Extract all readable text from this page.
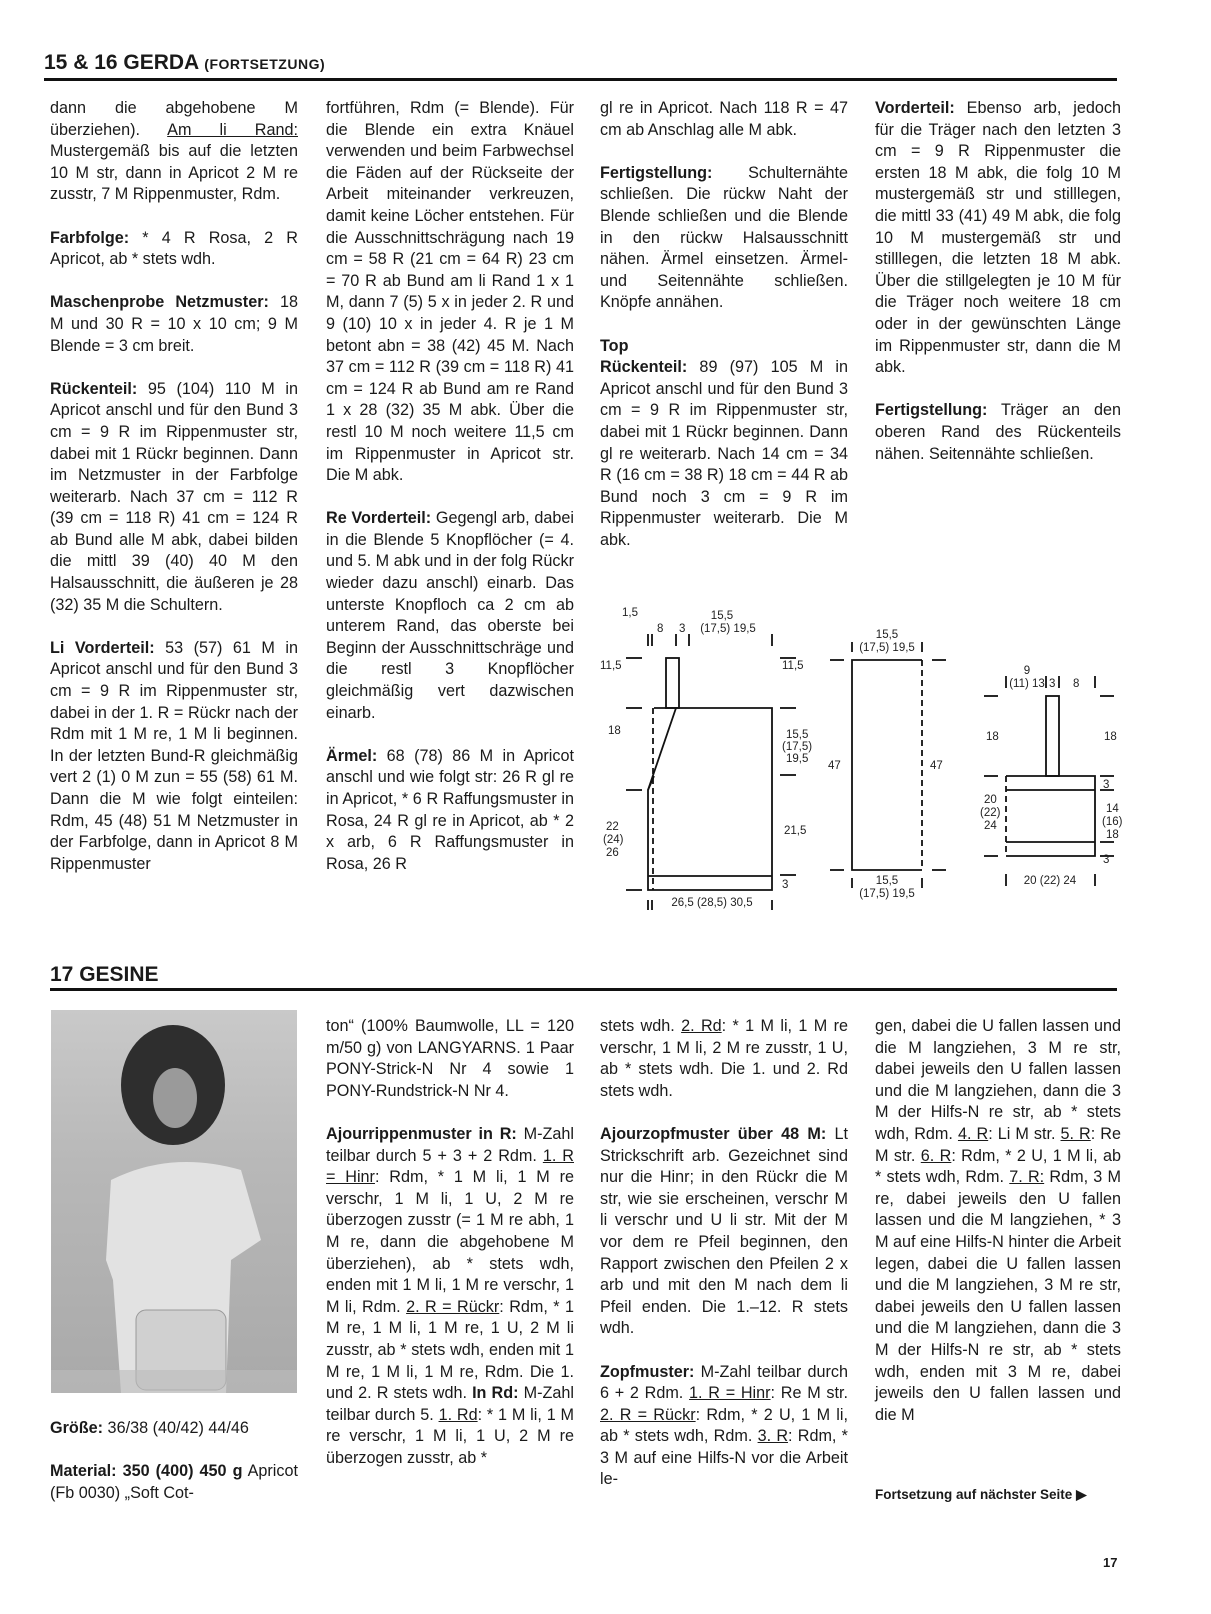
15 & 16 GERDA (FORTSETZUNG)

dann die abgehobene M überziehen). Am li Rand: Mustergemäß bis auf die letzten 10 M str, dann in Apricot 2 M re zusstr, 7 M Rippenmuster, Rdm.

Farbfolge: * 4 R Rosa, 2 R Apricot, ab * stets wdh.

Maschenprobe Netzmuster: 18 M und 30 R = 10 x 10 cm; 9 M Blende = 3 cm breit.

Rückenteil: 95 (104) 110 M in Apricot anschl und für den Bund 3 cm = 9 R im Rippenmuster str, dabei mit 1 Rückr beginnen. Dann im Netzmuster in der Farbfolge weiterarb. Nach 37 cm = 112 R (39 cm = 118 R) 41 cm = 124 R ab Bund alle M abk, dabei bilden die mittl 39 (40) 40 M den Halsausschnitt, die äußeren je 28 (32) 35 M die Schultern.

Li Vorderteil: 53 (57) 61 M in Apricot anschl und für den Bund 3 cm = 9 R im Rippenmuster str, dabei in der 1. R = Rückr nach der Rdm mit 1 M re, 1 M li beginnen. In der letzten Bund-R gleichmäßig vert 2 (1) 0 M zun = 55 (58) 61 M. Dann die M wie folgt einteilen: Rdm, 45 (48) 51 M Netzmuster in der Farbfolge, dann in Apricot 8 M Rippenmuster

fortführen, Rdm (= Blende). Für die Blende ein extra Knäuel verwenden und beim Farbwechsel die Fäden auf der Rückseite der Arbeit miteinander verkreuzen, damit keine Löcher entstehen. Für die Ausschnittschrägung nach 19 cm = 58 R (21 cm = 64 R) 23 cm = 70 R ab Bund am li Rand 1 x 1 M, dann 7 (5) 5 x in jeder 2. R und 9 (10) 10 x in jeder 4. R je 1 M betont abn = 38 (42) 45 M. Nach 37 cm = 112 R (39 cm = 118 R) 41 cm = 124 R ab Bund am re Rand 1 x 28 (32) 35 M abk. Über die restl 10 M noch weitere 11,5 cm im Rippenmuster in Apricot str. Die M abk.

Re Vorderteil: Gegengl arb, dabei in die Blende 5 Knopflöcher (= 4. und 5. M abk und in der folg Rückr wieder dazu anschl) einarb. Das unterste Knopfloch ca 2 cm ab unterem Rand, das oberste bei Beginn der Ausschnittschräge und die restl 3 Knopflöcher gleichmäßig vert dazwischen einarb.

Ärmel: 68 (78) 86 M in Apricot anschl und wie folgt str: 26 R gl re in Apricot, * 6 R Raffungsmuster in Rosa, 24 R gl re in Apricot, ab * 2 x arb, 6 R Raffungsmuster in Rosa, 26 R

gl re in Apricot. Nach 118 R = 47 cm ab Anschlag alle M abk.

Fertigstellung: Schulternähte schließen. Die rückw Naht der Blende schließen und die Blende in den rückw Halsausschnitt nähen. Ärmel einsetzen. Ärmel- und Seitennähte schließen. Knöpfe annähen.

Top
Rückenteil: 89 (97) 105 M in Apricot anschl und für den Bund 3 cm = 9 R im Rippenmuster str, dabei mit 1 Rückr beginnen. Dann gl re weiterarb. Nach 14 cm = 34 R (16 cm = 38 R) 18 cm = 44 R ab Bund noch 3 cm = 9 R im Rippenmuster weiterarb. Die M abk.

Vorderteil: Ebenso arb, jedoch für die Träger nach den letzten 3 cm = 9 R Rippenmuster die ersten 18 M abk, die folg 10 M mustergemäß str und stilllegen, die mittl 33 (41) 49 M abk, die folg 10 M mustergemäß str und stilllegen, die letzten 18 M abk. Über die stillgelegten je 10 M für die Träger noch weitere 18 cm oder in der gewünschten Länge im Rippenmuster str, dann die M abk.

Fertigstellung: Träger an den oberen Rand des Rückenteils nähen. Seitennähte schließen.

1,5
8 3
15,5
(17,5) 19,5
11,5
18
22
(24)
26
11,5
15,5
(17,5)
19,5
21,5
3
26,5 (28,5) 30,5
15,5
(17,5) 19,5
47	47
15,5
(17,5) 19,5
9
(11) 13 3 8
18	18
3
14
(16)
18
3
20
(22)
24
20 (22) 24
17 GESINE

Größe: 36/38 (40/42) 44/46

Material: 350 (400) 450 g Apricot (Fb 0030) „Soft Cot-

ton“ (100% Baumwolle, LL = 120 m/50 g) von LANGYARNS. 1 Paar PONY-Strick-N Nr 4 sowie 1 PONY-Rundstrick-N Nr 4.

Ajourrippenmuster in R: M-Zahl teilbar durch 5 + 3 + 2 Rdm. 1. R = Hinr: Rdm, * 1 M li, 1 M re verschr, 1 M li, 1 U, 2 M re überzogen zusstr (= 1 M re abh, 1 M re, dann die abgehobene M überziehen), ab * stets wdh, enden mit 1 M li, 1 M re verschr, 1 M li, Rdm. 2. R = Rückr: Rdm, * 1 M re, 1 M li, 1 M re, 1 U, 2 M li zusstr, ab * stets wdh, enden mit 1 M re, 1 M li, 1 M re, Rdm. Die 1. und 2. R stets wdh. In Rd: M-Zahl teilbar durch 5. 1. Rd: * 1 M li, 1 M re verschr, 1 M li, 1 U, 2 M re überzogen zusstr, ab *

stets wdh. 2. Rd: * 1 M li, 1 M re verschr, 1 M li, 2 M re zusstr, 1 U, ab * stets wdh. Die 1. und 2. Rd stets wdh.

Ajourzopfmuster über 48 M: Lt Strickschrift arb. Gezeichnet sind nur die Hinr; in den Rückr die M str, wie sie erscheinen, verschr M li verschr und U li str. Mit der M vor dem re Pfeil beginnen, den Rapport zwischen den Pfeilen 2 x arb und mit den M nach dem li Pfeil enden. Die 1.–12. R stets wdh.

Zopfmuster: M-Zahl teilbar durch 6 + 2 Rdm. 1. R = Hinr: Re M str. 2. R = Rückr: Rdm, * 2 U, 1 M li, ab * stets wdh, Rdm. 3. R: Rdm, * 3 M auf eine Hilfs-N vor die Arbeit le-

gen, dabei die U fallen lassen und die M langziehen, 3 M re str, dabei jeweils den U fallen lassen und die M langziehen, dann die 3 M der Hilfs-N re str, ab * stets wdh, Rdm. 4. R: Li M str. 5. R: Re M str. 6. R: Rdm, * 2 U, 1 M li, ab * stets wdh, Rdm. 7. R: Rdm, 3 M re, dabei jeweils den U fallen lassen und die M langziehen, * 3 M auf eine Hilfs-N hinter die Arbeit legen, dabei die U fallen lassen und die M langziehen, 3 M re str, dabei jeweils den U fallen lassen und die M langziehen, dann die 3 M der Hilfs-N re str, ab * stets wdh, enden mit 3 M re, dabei jeweils den U fallen lassen und die M

Fortsetzung auf nächster Seite ▶
17
